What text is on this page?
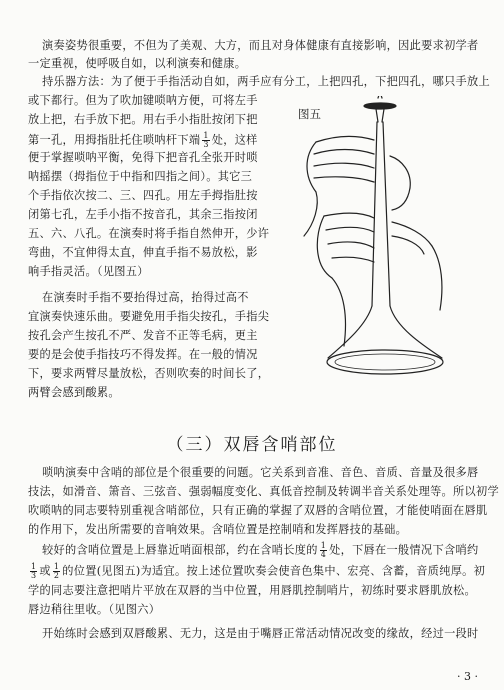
演奏姿势很重要，不但为了美观、大方，而且对身体健康有直接影响，因此要求初学者
一定重视，使呼吸自如，以利演奏和健康。
持乐器方法：为了便于手指活动自如，两手应有分工，上把四孔，下把四孔，哪只手放上
或下都行。但为了吹加键唢呐方便，可将左手
放上把，右手放下把。用右手小指肚按闭下把
第一孔，用拇指肚托住唢呐杆下端 $\frac{1}{3}$ 处，这样
便于掌握唢呐平衡，免得下把音孔全张开时唢
呐摇摆（拇指位于中指和四指之间）。其它三
个手指依次按二、三、四孔。用左手拇指肚按
闭第七孔，左手小指不按音孔，其余三指按闭
五、六、八孔。在演奏时将手指自然伸开，少许
弯曲，不宜伸得太直，伸直手指不易放松，影
响手指灵活。（见图五）
在演奏时手指不要抬得过高，抬得过高不
宜演奏快速乐曲。要避免用手指尖按孔，手指尖
按孔会产生按孔不严、发音不正等毛病，更主
要的是会使手指技巧不得发挥。在一般的情况
下，要求两臂尽量放松，否则吹奏的时间长了，
两臂会感到酸累。
图五
（三）双唇含哨部位
唢呐演奏中含哨的部位是个很重要的问题。它关系到音准、音色、音质、音量及很多唇
技法，如滑音、箫音、三弦音、强弱幅度变化、真低音控制及转调半音关系处理等。所以初学
吹唢呐的同志要特别重视含哨部位，只有正确的掌握了双唇的含哨位置，才能使哨面在唇肌
的作用下，发出所需要的音响效果。含哨位置是控制哨和发挥唇技的基础。
较好的含哨位置是上唇靠近哨面根部，约在含哨长度的 $\frac{1}{4}$ 处，下唇在一般情况下含哨约
$\frac{1}{3}$ 或 $\frac{1}{2}$ 的位置(见图五)为适宜。按上述位置吹奏会使音色集中、宏亮、含蓄，音质纯厚。初
学的同志要注意把哨片平放在双唇的当中位置，用唇肌控制哨片，初练时要求唇肌放松。
唇边稍往里收。（见图六）
开始练时会感到双唇酸累、无力，这是由于嘴唇正常活动情况改变的缘故，经过一段时
· 3 ·
